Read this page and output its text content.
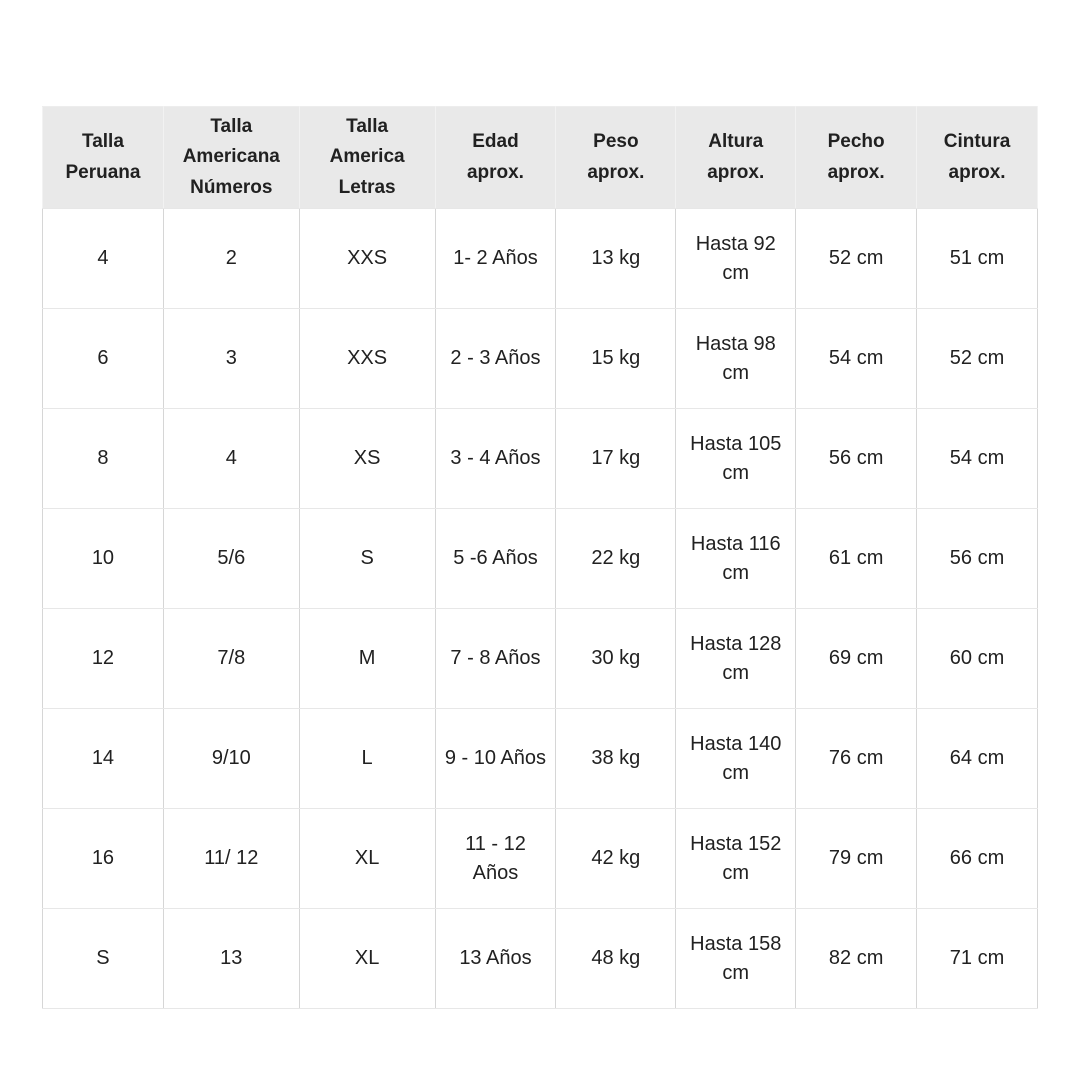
Talla Peruana	Talla Americana Números	Talla America Letras	Edad aprox.	Peso aprox.	Altura aprox.	Pecho aprox.	Cintura aprox.
4	2	XXS	1- 2 Años	13 kg	Hasta 92 cm	52 cm	51 cm
6	3	XXS	2 - 3 Años	15 kg	Hasta 98 cm	54 cm	52 cm
8	4	XS	3 - 4 Años	17 kg	Hasta 105 cm	56 cm	54 cm
10	5/6	S	5 -6 Años	22 kg	Hasta 116 cm	61 cm	56 cm
12	7/8	M	7 - 8 Años	30 kg	Hasta 128 cm	69 cm	60 cm
14	9/10	L	9 - 10 Años	38 kg	Hasta 140 cm	76 cm	64 cm
16	11/ 12	XL	11 - 12 Años	42 kg	Hasta 152 cm	79 cm	66 cm
S	13	XL	13 Años	48 kg	Hasta 158 cm	82 cm	71 cm
